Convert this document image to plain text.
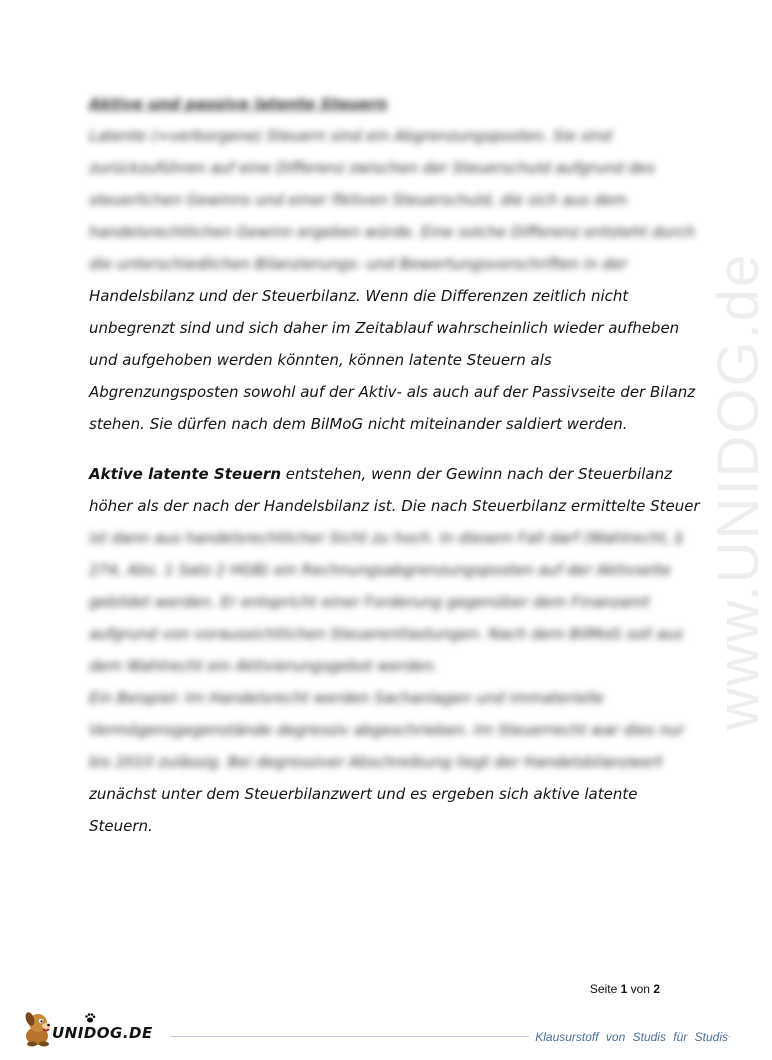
www.UNIDOG.de
Aktive und passive latente Steuern
Latente (=verborgene) Steuern sind ein Abgrenzungsposten. Sie sind
zurückzuführen auf eine Differenz zwischen der Steuerschuld aufgrund des
steuerlichen Gewinns und einer fiktiven Steuerschuld, die sich aus dem
handelsrechtlichen Gewinn ergeben würde. Eine solche Differenz entsteht durch
die unterschiedlichen Bilanzierungs- und Bewertungsvorschriften in der
Handelsbilanz und der Steuerbilanz. Wenn die Differenzen zeitlich nicht
unbegrenzt sind und sich daher im Zeitablauf wahrscheinlich wieder aufheben
und aufgehoben werden könnten, können latente Steuern als
Abgrenzungsposten sowohl auf der Aktiv- als auch auf der Passivseite der Bilanz
stehen. Sie dürfen nach dem BilMoG nicht miteinander saldiert werden.
Aktive latente Steuern entstehen, wenn der Gewinn nach der Steuerbilanz
höher als der nach der Handelsbilanz ist. Die nach Steuerbilanz ermittelte Steuer
ist dann aus handelsrechtlicher Sicht zu hoch. In diesem Fall darf (Wahlrecht, §
274, Abs. 1 Satz 2 HGB) ein Rechnungsabgrenzungsposten auf der Aktivseite
gebildet werden. Er entspricht einer Forderung gegenüber dem Finanzamt
aufgrund von voraussichtlichen Steuerentlastungen. Nach dem BilMoG soll aus
dem Wahlrecht ein Aktivierungsgebot werden.
Ein Beispiel: Im Handelsrecht werden Sachanlagen und immaterielle
Vermögensgegenstände degressiv abgeschrieben. Im Steuerrecht war dies nur
bis 2010 zulässig. Bei degressiver Abschreibung liegt der Handelsbilanzwert
zunächst unter dem Steuerbilanzwert und es ergeben sich aktive latente
Steuern.
Seite 1 von 2
UNIDOG.DE	Klausurstoff von Studis für Studis
